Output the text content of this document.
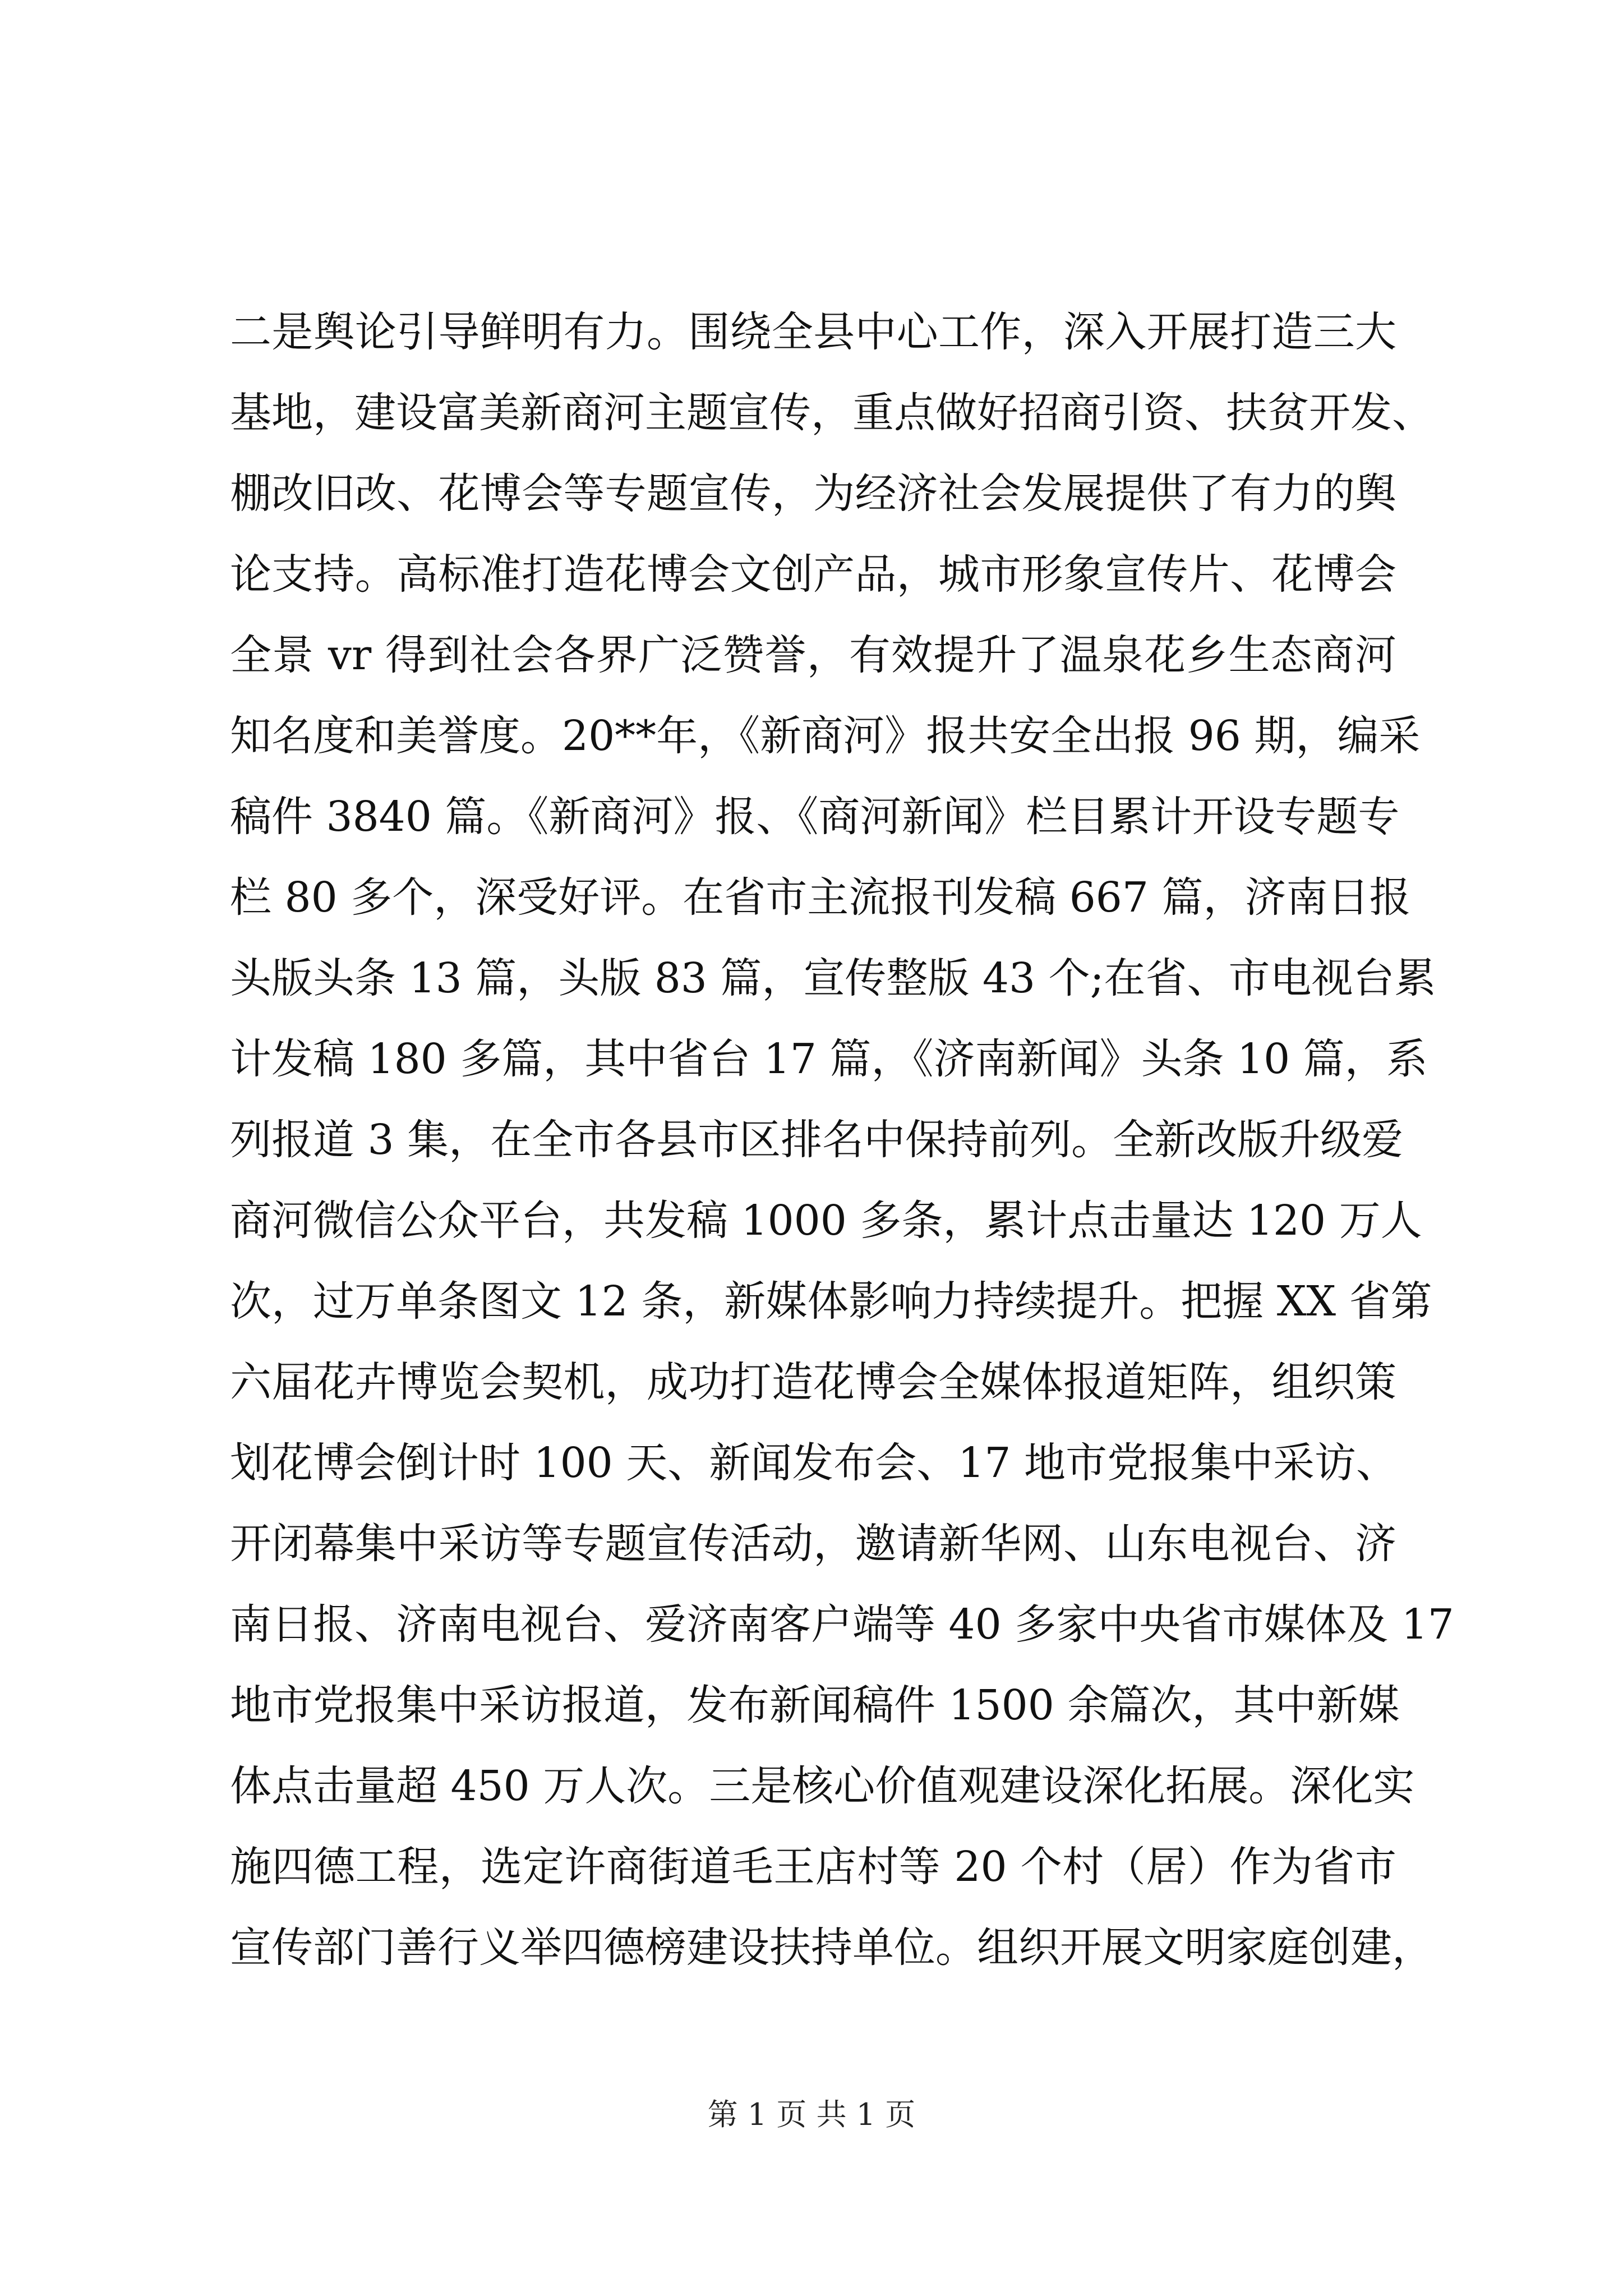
二是舆论引导鲜明有力。围绕全县中心工作，深入开展打造三大
基地，建设富美新商河主题宣传，重点做好招商引资、扶贫开发、
棚改旧改、花博会等专题宣传，为经济社会发展提供了有力的舆
论支持。高标准打造花博会文创产品，城市形象宣传片、花博会
全景 vr 得到社会各界广泛赞誉，有效提升了温泉花乡生态商河
知名度和美誉度。20**年，《新商河》报共安全出报 96 期，编采
稿件 3840 篇。《新商河》报、《商河新闻》栏目累计开设专题专
栏 80 多个，深受好评。在省市主流报刊发稿 667 篇，济南日报
头版头条 13 篇，头版 83 篇，宣传整版 43 个;在省、市电视台累
计发稿 180 多篇，其中省台 17 篇，《济南新闻》头条 10 篇，系
列报道 3 集，在全市各县市区排名中保持前列。全新改版升级爱
商河微信公众平台，共发稿 1000 多条，累计点击量达 120 万人
次，过万单条图文 12 条，新媒体影响力持续提升。把握 XX 省第
六届花卉博览会契机，成功打造花博会全媒体报道矩阵，组织策
划花博会倒计时 100 天、新闻发布会、17 地市党报集中采访、
开闭幕集中采访等专题宣传活动，邀请新华网、山东电视台、济
南日报、济南电视台、爱济南客户端等 40 多家中央省市媒体及 17
地市党报集中采访报道，发布新闻稿件 1500 余篇次，其中新媒
体点击量超 450 万人次。三是核心价值观建设深化拓展。深化实
施四德工程，选定许商街道毛王店村等 20 个村（居）作为省市
宣传部门善行义举四德榜建设扶持单位。组织开展文明家庭创建，
第 1 页 共 1 页
